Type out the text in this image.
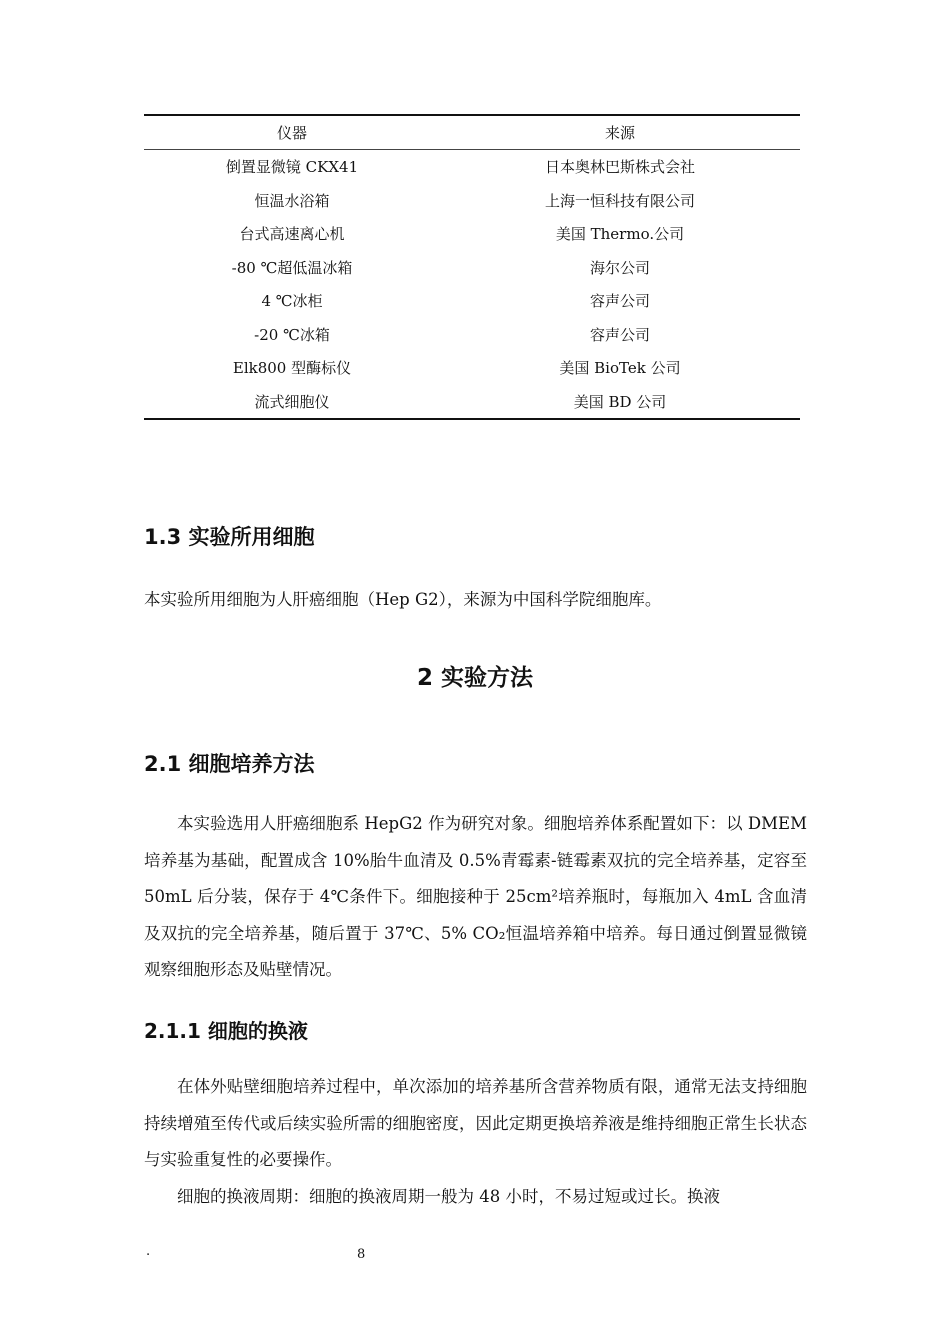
仪器	来源
倒置显微镜 CKX41	日本奥林巴斯株式会社
恒温水浴箱	上海一恒科技有限公司
台式高速离心机	美国 Thermo.公司
-80 ℃超低温冰箱	海尔公司
4 ℃冰柜	容声公司
-20 ℃冰箱	容声公司
Elk800 型酶标仪	美国 BioTek 公司
流式细胞仪	美国 BD 公司
1.3 实验所用细胞

本实验所用细胞为人肝癌细胞（Hep G2），来源为中国科学院细胞库。

2 实验方法
2.1 细胞培养方法

本实验选用人肝癌细胞系 HepG2 作为研究对象。细胞培养体系配置如下：以 DMEM 培养基为基础，配置成含 10%胎牛血清及 0.5%青霉素-链霉素双抗的完全培养基，定容至 50mL 后分装，保存于 4℃条件下。细胞接种于 25cm²培养瓶时，每瓶加入 4mL 含血清及双抗的完全培养基，随后置于 37℃、5% CO₂恒温培养箱中培养。每日通过倒置显微镜观察细胞形态及贴壁情况。

2.1.1 细胞的换液

在体外贴壁细胞培养过程中，单次添加的培养基所含营养物质有限，通常无法支持细胞持续增殖至传代或后续实验所需的细胞密度，因此定期更换培养液是维持细胞正常生长状态与实验重复性的必要操作。

细胞的换液周期：细胞的换液周期一般为 48 小时，不易过短或过长。换液

.	8
